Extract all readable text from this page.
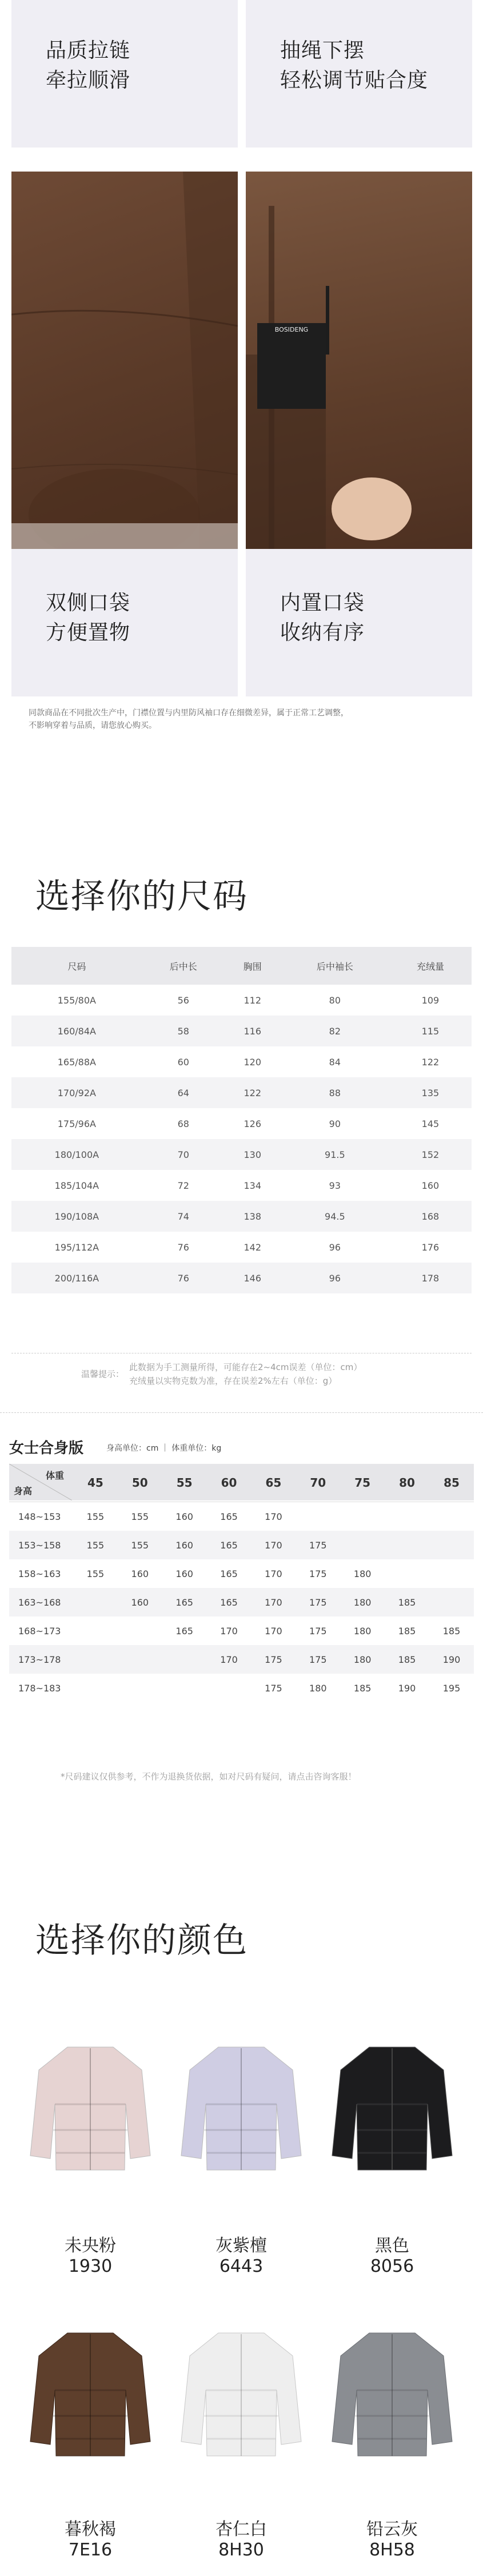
品质拉链
牵拉顺滑
抽绳下摆
轻松调节贴合度
BOSIDENG
双侧口袋
方便置物
内置口袋
收纳有序
同款商品在不同批次生产中，门襟位置与内里防风袖口存在细微差异，属于正常工艺调整，
不影响穿着与品质，请您放心购买。
选择你的尺码
尺码	后中长	胸围	后中袖长	充绒量
155/80A	56	112	80	109
160/84A	58	116	82	115
165/88A	60	120	84	122
170/92A	64	122	88	135
175/96A	68	126	90	145
180/100A	70	130	91.5	152
185/104A	72	134	93	160
190/108A	74	138	94.5	168
195/112A	76	142	96	176
200/116A	76	146	96	178
温馨提示：
此数据为手工测量所得，可能存在2~4cm误差（单位：cm）
充绒量以实物克数为准，存在误差2%左右（单位：g）
女士合身版	身高单位：cm ｜ 体重单位：kg
体重
身高
	45	50	55	60	65	70	75	80	85
148~153	155	155	160	165	170				
153~158	155	155	160	165	170	175			
158~163	155	160	160	165	170	175	180		
163~168		160	165	165	170	175	180	185	
168~173			165	170	170	175	180	185	185
173~178				170	175	175	180	185	190
178~183					175	180	185	190	195
*尺码建议仅供参考，不作为退换货依据，如对尺码有疑问，请点击咨询客服！
选择你的颜色
未央粉
1930
灰紫檀
6443
黑色
8056
暮秋褐
7E16
杏仁白
8H30
铅云灰
8H58
